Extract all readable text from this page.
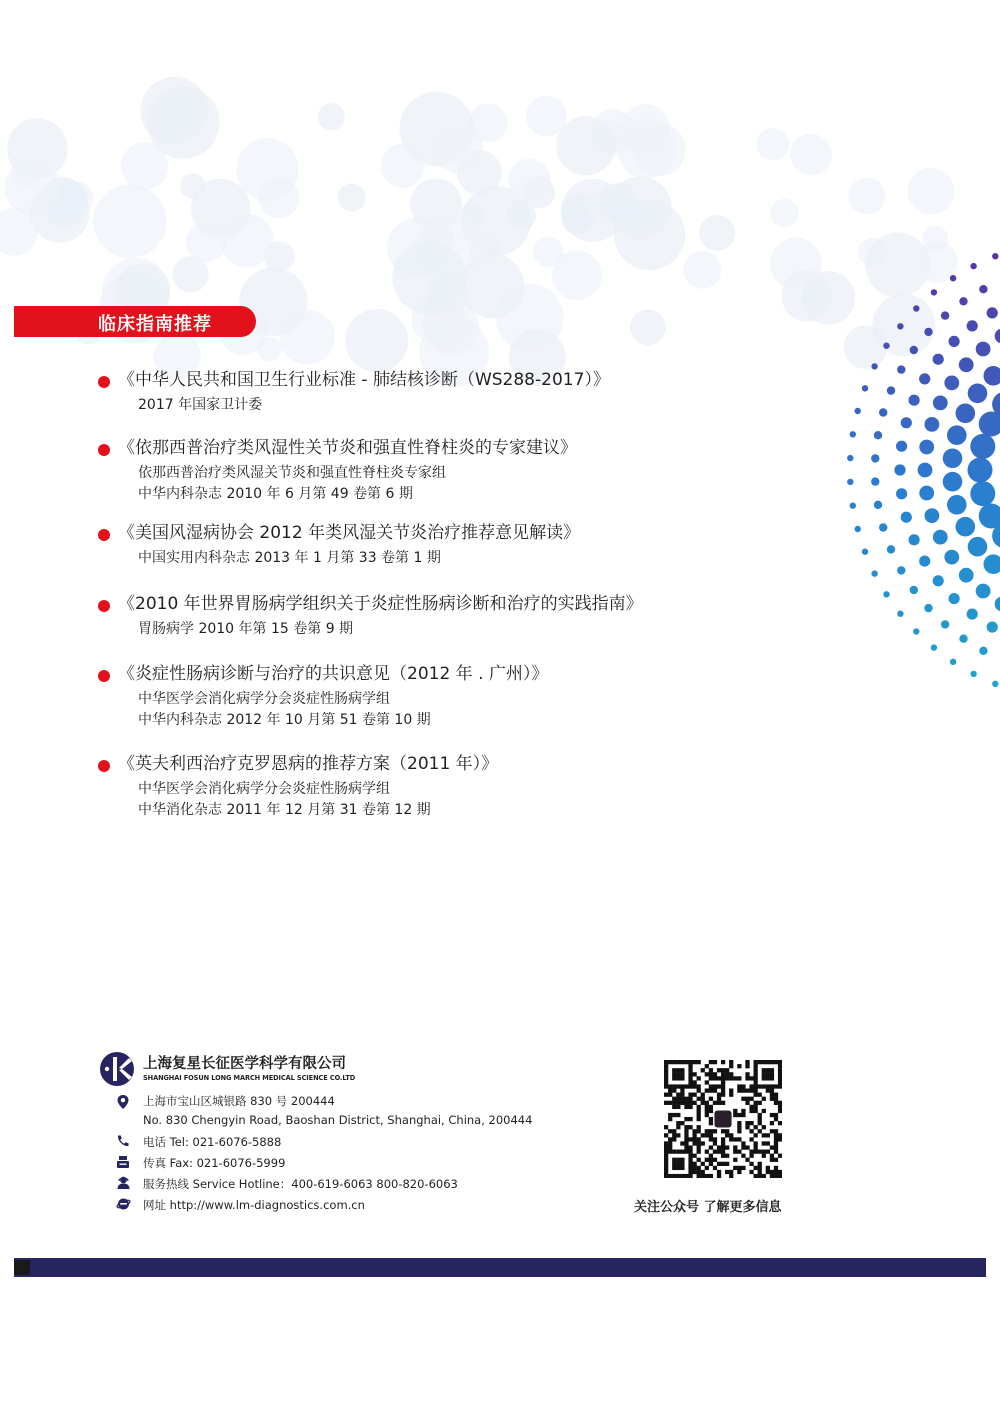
临床指南推荐
《中华人民共和国卫生行业标准 - 肺结核诊断（WS288-2017）》
2017 年国家卫计委
《依那西普治疗类风湿性关节炎和强直性脊柱炎的专家建议》
依那西普治疗类风湿关节炎和强直性脊柱炎专家组
中华内科杂志 2010 年 6 月第 49 卷第 6 期
《美国风湿病协会 2012 年类风湿关节炎治疗推荐意见解读》
中国实用内科杂志 2013 年 1 月第 33 卷第 1 期
《2010 年世界胃肠病学组织关于炎症性肠病诊断和治疗的实践指南》
胃肠病学 2010 年第 15 卷第 9 期
《炎症性肠病诊断与治疗的共识意见（2012 年 . 广州）》
中华医学会消化病学分会炎症性肠病学组
中华内科杂志 2012 年 10 月第 51 卷第 10 期
《英夫利西治疗克罗恩病的推荐方案（2011 年）》
中华医学会消化病学分会炎症性肠病学组
中华消化杂志 2011 年 12 月第 31 卷第 12 期
上海复星长征医学科学有限公司
SHANGHAI FOSUN LONG MARCH MEDICAL SCIENCE CO.LTD
上海市宝山区城银路 830 号 200444
No. 830 Chengyin Road, Baoshan District, Shanghai, China, 200444
电话 Tel: 021-6076-5888
传真 Fax: 021-6076-5999
服务热线 Service Hotline：400-619-6063 800-820-6063
网址 http://www.lm-diagnostics.com.cn	关注公众号 了解更多信息
